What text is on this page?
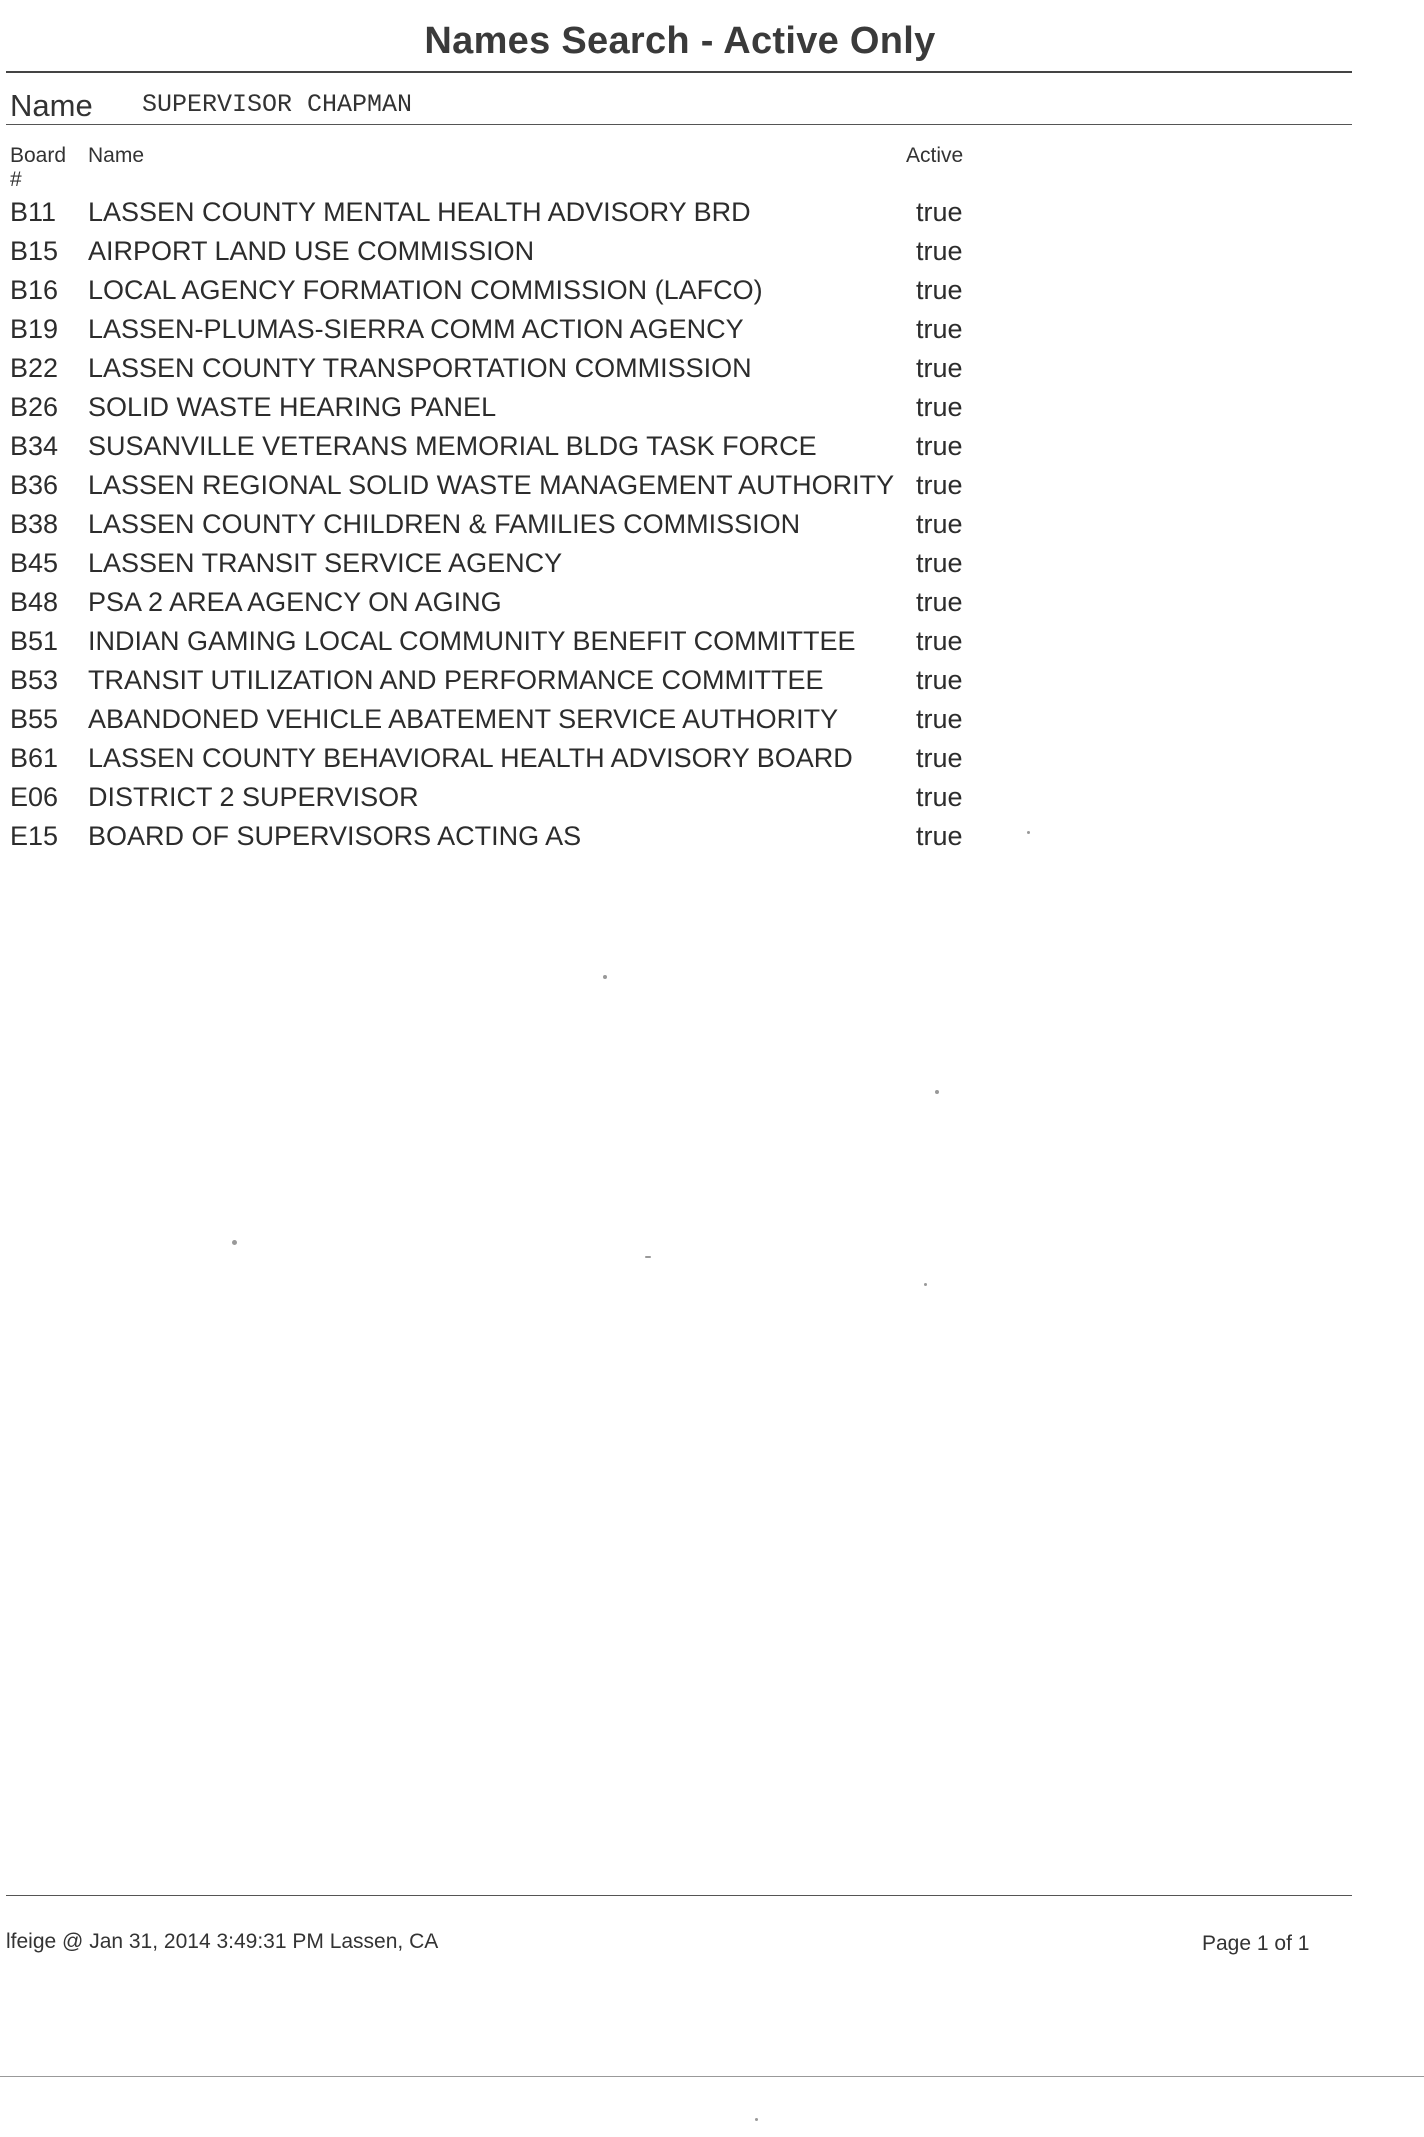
Names Search - Active Only
Name SUPERVISOR CHAPMAN
Board
#
Name	Active
B11	LASSEN COUNTY MENTAL HEALTH ADVISORY BRD	true
B15	AIRPORT LAND USE COMMISSION	true
B16	LOCAL AGENCY FORMATION COMMISSION (LAFCO)	true
B19	LASSEN-PLUMAS-SIERRA COMM ACTION AGENCY	true
B22	LASSEN COUNTY TRANSPORTATION COMMISSION	true
B26	SOLID WASTE HEARING PANEL	true
B34	SUSANVILLE VETERANS MEMORIAL BLDG TASK FORCE	true
B36	LASSEN REGIONAL SOLID WASTE MANAGEMENT AUTHORITY true
B38	LASSEN COUNTY CHILDREN & FAMILIES COMMISSION	true
B45	LASSEN TRANSIT SERVICE AGENCY	true
B48	PSA 2 AREA AGENCY ON AGING	true
B51	INDIAN GAMING LOCAL COMMUNITY BENEFIT COMMITTEE	true
B53	TRANSIT UTILIZATION AND PERFORMANCE COMMITTEE	true
B55	ABANDONED VEHICLE ABATEMENT SERVICE AUTHORITY	true
B61	LASSEN COUNTY BEHAVIORAL HEALTH ADVISORY BOARD	true
E06	DISTRICT 2 SUPERVISOR	true
E15	BOARD OF SUPERVISORS ACTING AS	true
lfeige @ Jan 31, 2014 3:49:31 PM Lassen, CA	Page 1 of 1
